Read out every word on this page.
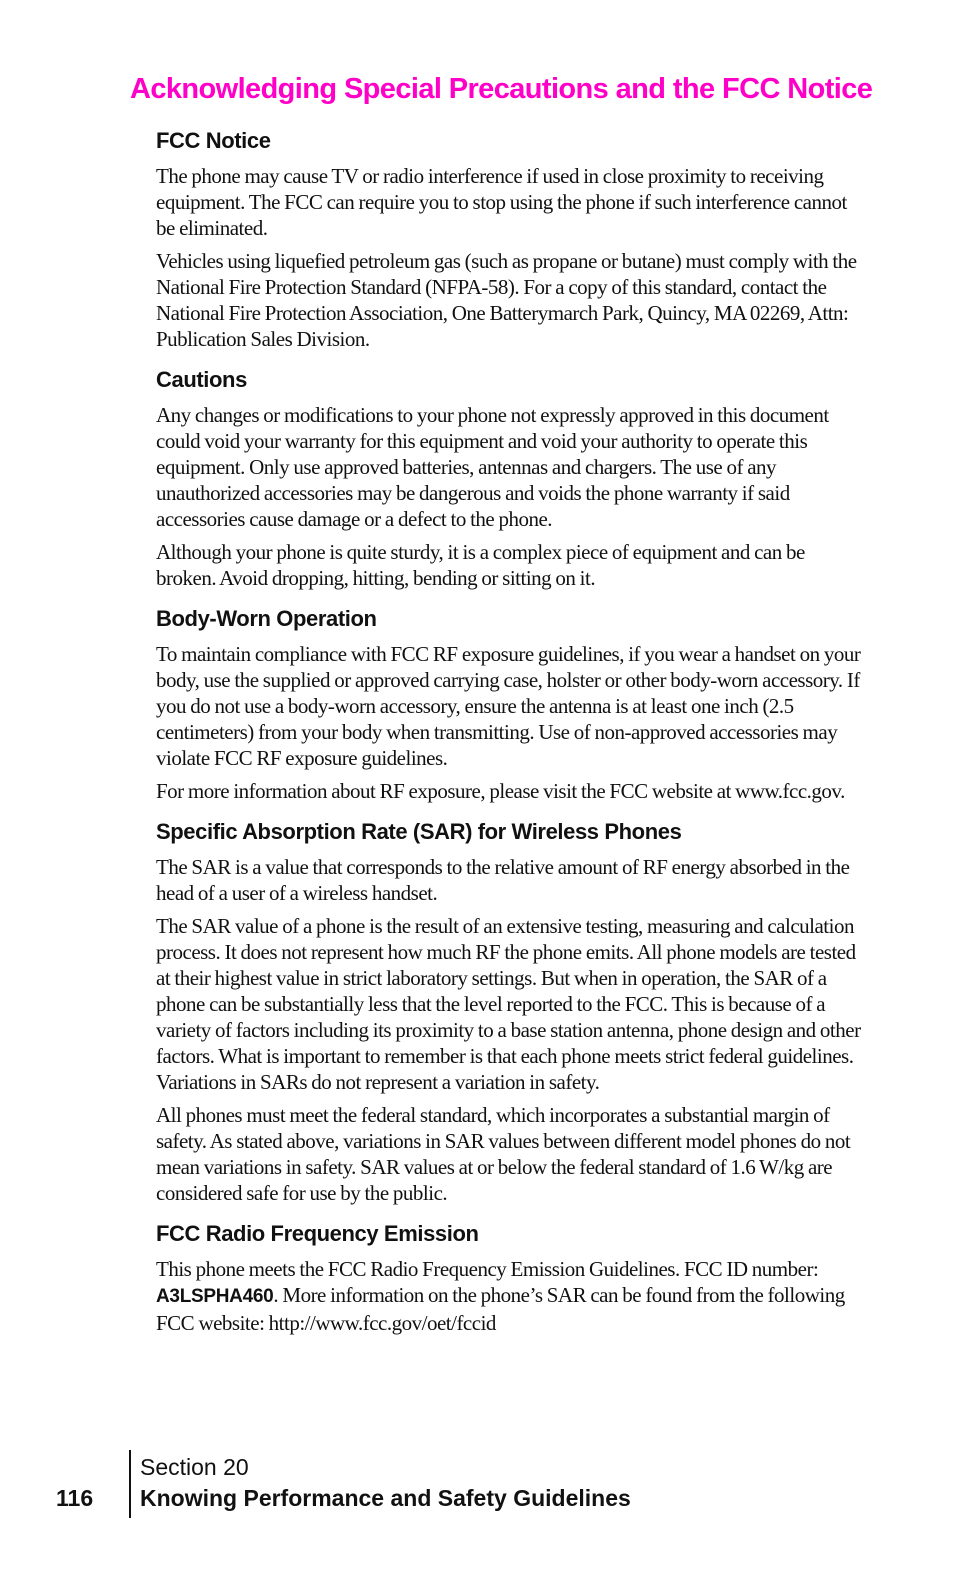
Acknowledging Special Precautions and the FCC Notice
FCC Notice

The phone may cause TV or radio interference if used in close proximity to receiving equipment. The FCC can require you to stop using the phone if such interference cannot be eliminated.

Vehicles using liquefied petroleum gas (such as propane or butane) must comply with the National Fire Protection Standard (NFPA-58). For a copy of this standard, contact the National Fire Protection Association, One Batterymarch Park, Quincy, MA 02269, Attn: Publication Sales Division.

Cautions

Any changes or modifications to your phone not expressly approved in this document could void your warranty for this equipment and void your authority to operate this equipment. Only use approved batteries, antennas and chargers. The use of any unauthorized accessories may be dangerous and voids the phone warranty if said accessories cause damage or a defect to the phone.

Although your phone is quite sturdy, it is a complex piece of equipment and can be broken. Avoid dropping, hitting, bending or sitting on it.

Body-Worn Operation

To maintain compliance with FCC RF exposure guidelines, if you wear a handset on your body, use the supplied or approved carrying case, holster or other body-worn accessory. If you do not use a body-worn accessory, ensure the antenna is at least one inch (2.5 centimeters) from your body when transmitting. Use of non-approved accessories may violate FCC RF exposure guidelines.

For more information about RF exposure, please visit the FCC website at www.fcc.gov.

Specific Absorption Rate (SAR) for Wireless Phones

The SAR is a value that corresponds to the relative amount of RF energy absorbed in the head of a user of a wireless handset.

The SAR value of a phone is the result of an extensive testing, measuring and calculation process. It does not represent how much RF the phone emits. All phone models are tested at their highest value in strict laboratory settings. But when in operation, the SAR of a phone can be substantially less that the level reported to the FCC. This is because of a variety of factors including its proximity to a base station antenna, phone design and other factors. What is important to remember is that each phone meets strict federal guidelines. Variations in SARs do not represent a variation in safety.

All phones must meet the federal standard, which incorporates a substantial margin of safety. As stated above, variations in SAR values between different model phones do not mean variations in safety. SAR values at or below the federal standard of 1.6 W/kg are considered safe for use by the public.

FCC Radio Frequency Emission

This phone meets the FCC Radio Frequency Emission Guidelines. FCC ID number: A3LSPHA460. More information on the phone’s SAR can be found from the following FCC website: http://www.fcc.gov/oet/fccid

116
Section 20
Knowing Performance and Safety Guidelines
